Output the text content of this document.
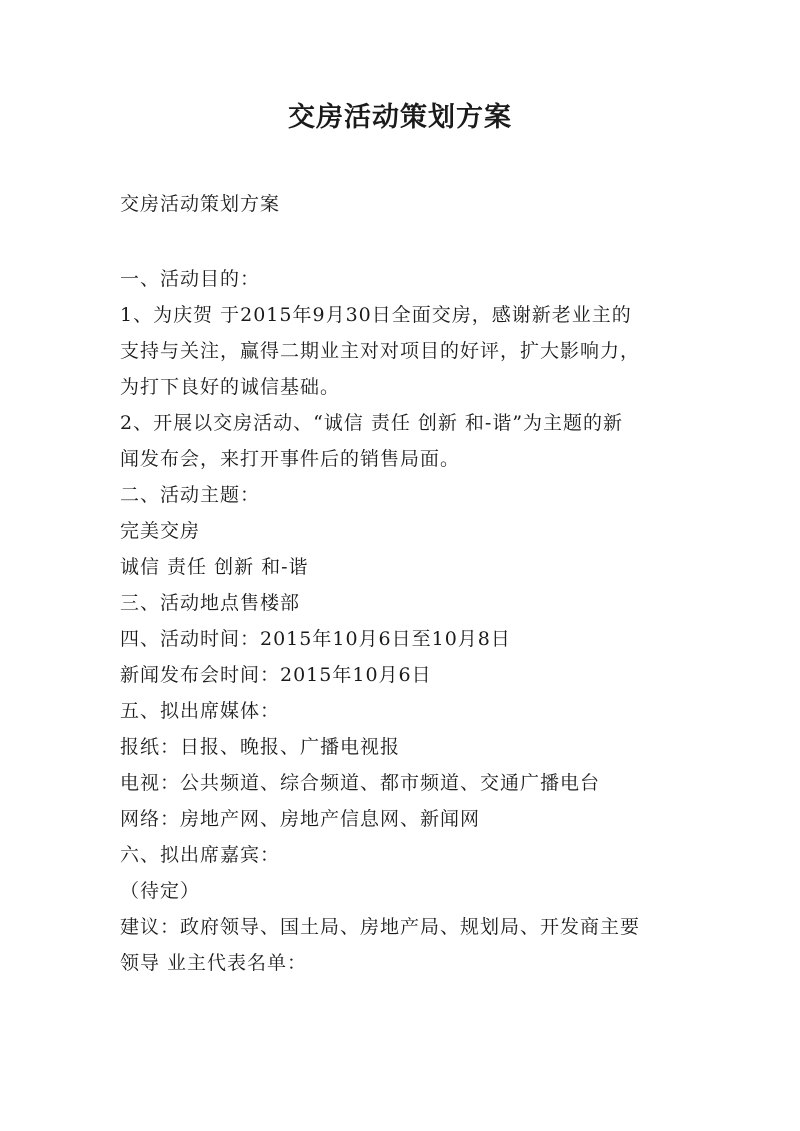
交房活动策划方案
交房活动策划方案
一、活动目的：
1、为庆贺 于2015年9月30日全面交房，感谢新老业主的
支持与关注，赢得二期业主对对项目的好评，扩大影响力，
为打下良好的诚信基础。
2、开展以交房活动、“诚信 责任 创新 和-谐”为主题的新
闻发布会，来打开事件后的销售局面。
二、活动主题：
完美交房
诚信 责任 创新 和-谐
三、活动地点售楼部
四、活动时间：2015年10月6日至10月8日
新闻发布会时间：2015年10月6日
五、拟出席媒体：
报纸：日报、晚报、广播电视报
电视：公共频道、综合频道、都市频道、交通广播电台
网络：房地产网、房地产信息网、新闻网
六、拟出席嘉宾：
（待定）
建议：政府领导、国土局、房地产局、规划局、开发商主要
领导 业主代表名单：
